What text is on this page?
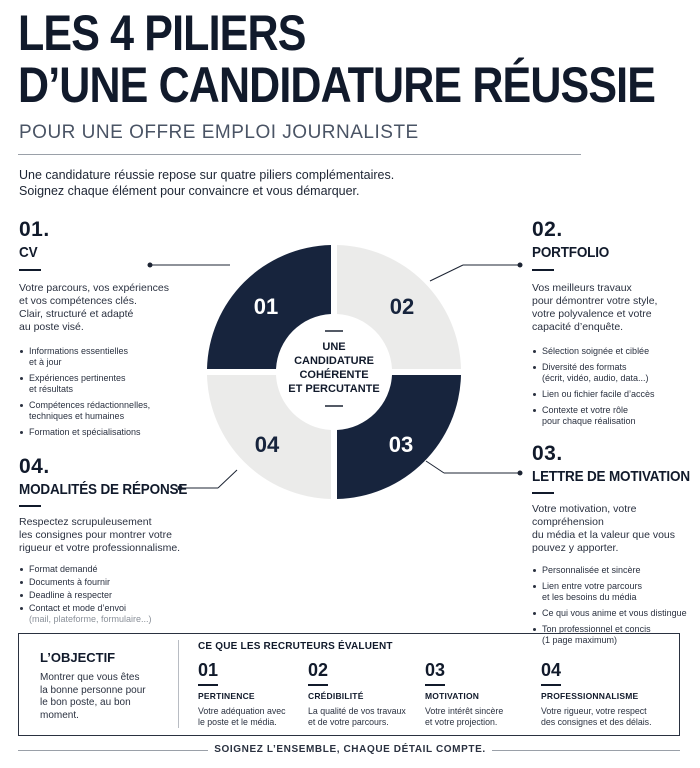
LES 4 PILIERS
D’UNE CANDIDATURE RÉUSSIE
POUR UNE OFFRE EMPLOI JOURNALISTE
Une candidature réussie repose sur quatre piliers complémentaires.
Soignez chaque élément pour convaincre et vous démarquer.
01	02
03
04
UNE
CANDIDATURE
COHÉRENTE
ET PERCUTANTE
01.
CV
Votre parcours, vos expériences
et vos compétences clés.
Clair, structuré et adapté
au poste visé.
Informations essentielles
et à jour
Expériences pertinentes
et résultats
Compétences rédactionnelles,
techniques et humaines
Formation et spécialisations
02.
PORTFOLIO
Vos meilleurs travaux
pour démontrer votre style,
votre polyvalence et votre
capacité d’enquête.
Sélection soignée et ciblée
Diversité des formats
(écrit, vidéo, audio, data...)
Lien ou fichier facile d’accès
Contexte et votre rôle
pour chaque réalisation
03.
LETTRE DE MOTIVATION
Votre motivation, votre compréhension
du média et la valeur que vous
pouvez y apporter.
Personnalisée et sincère
Lien entre votre parcours
et les besoins du média
Ce qui vous anime et vous distingue
Ton professionnel et concis
(1 page maximum)
04.
MODALITÉS DE RÉPONSE
Respectez scrupuleusement
les consignes pour montrer votre
rigueur et votre professionnalisme.
Format demandé
Documents à fournir
Deadline à respecter
Contact et mode d’envoi
(mail, plateforme, formulaire...)
L’OBJECTIF
Montrer que vous êtes
la bonne personne pour
le bon poste, au bon
moment.
CE QUE LES RECRUTEURS ÉVALUENT
01
PERTINENCE
Votre adéquation avec
le poste et le média.
02
CRÉDIBILITÉ
La qualité de vos travaux
et de votre parcours.
03
MOTIVATION
Votre intérêt sincère
et votre projection.
04
PROFESSIONNALISME
Votre rigueur, votre respect
des consignes et des délais.
SOIGNEZ L’ENSEMBLE, CHAQUE DÉTAIL COMPTE.
